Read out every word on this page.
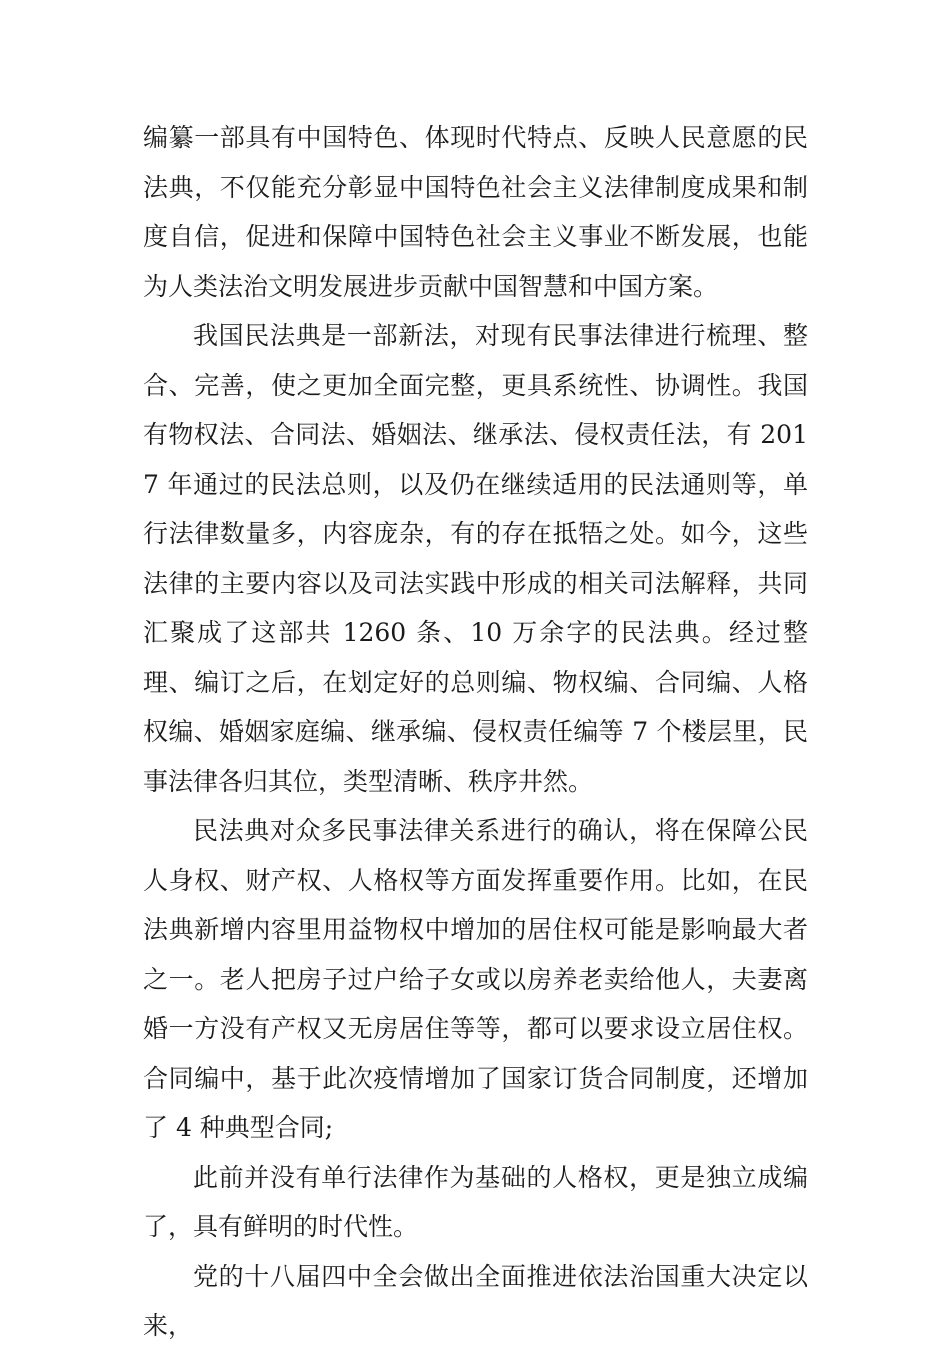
编纂一部具有中国特色、体现时代特点、反映人民意愿的民法典，不仅能充分彰显中国特色社会主义法律制度成果和制度自信，促进和保障中国特色社会主义事业不断发展，也能为人类法治文明发展进步贡献中国智慧和中国方案。

我国民法典是一部新法，对现有民事法律进行梳理、整合、完善，使之更加全面完整，更具系统性、协调性。我国有物权法、合同法、婚姻法、继承法、侵权责任法，有 2017 年通过的民法总则，以及仍在继续适用的民法通则等，单行法律数量多，内容庞杂，有的存在抵牾之处。如今，这些法律的主要内容以及司法实践中形成的相关司法解释，共同汇聚成了这部共 1260 条、10 万余字的民法典。经过整理、编订之后，在划定好的总则编、物权编、合同编、人格权编、婚姻家庭编、继承编、侵权责任编等 7 个楼层里，民事法律各归其位，类型清晰、秩序井然。

民法典对众多民事法律关系进行的确认，将在保障公民人身权、财产权、人格权等方面发挥重要作用。比如，在民法典新增内容里用益物权中增加的居住权可能是影响最大者之一。老人把房子过户给子女或以房养老卖给他人，夫妻离婚一方没有产权又无房居住等等，都可以要求设立居住权。合同编中，基于此次疫情增加了国家订货合同制度，还增加了 4 种典型合同;

此前并没有单行法律作为基础的人格权，更是独立成编了，具有鲜明的时代性。

党的十八届四中全会做出全面推进依法治国重大决定以来，
